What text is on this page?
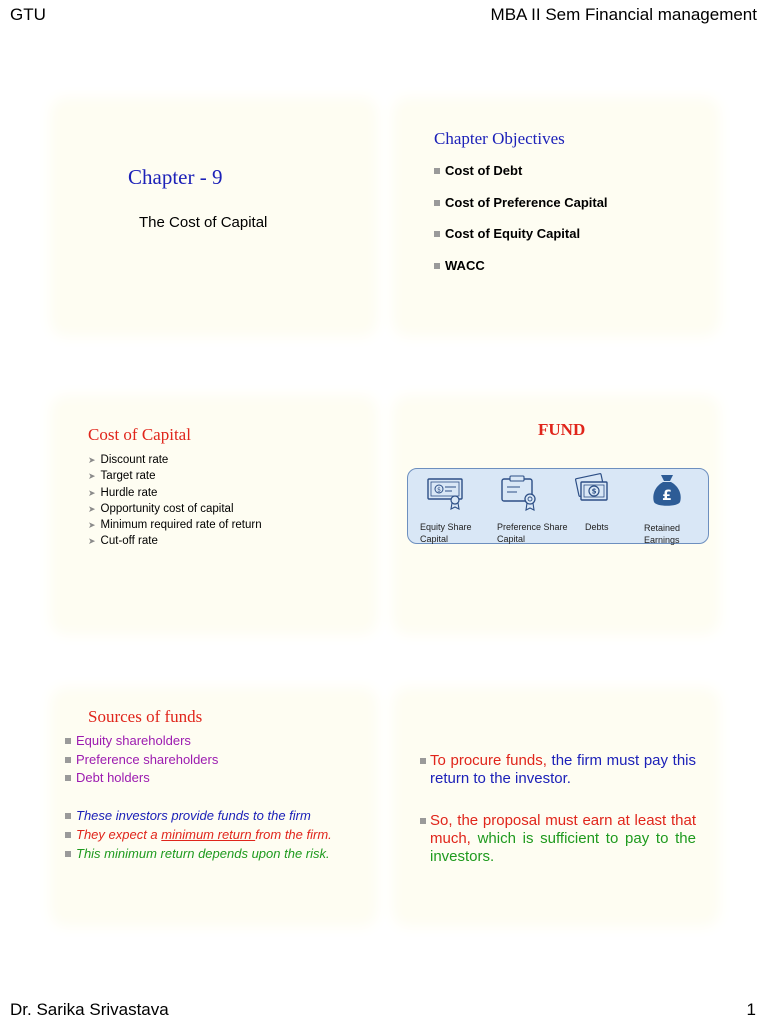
GTU	MBA II Sem Financial management
Chapter - 9
The Cost of Capital
Chapter Objectives
Cost of Debt
Cost of Preference Capital
Cost of Equity Capital
WACC
Cost of Capital
➤ Discount rate
➤ Target rate
➤ Hurdle rate
➤ Opportunity cost of capital
➤ Minimum required rate of return
➤ Cut-off rate
FUND
$	$	£
Equity Share
Capital
Preference Share
Capital
Debts	Retained
Earnings
Sources of funds
Equity shareholders
Preference shareholders
Debt holders
These investors provide funds to the firm
They expect a minimum return from the firm.
This minimum return depends upon the risk.
To procure funds, the firm must pay this return to the investor.
So, the proposal must earn at least that much, which is sufficient to pay to the investors.
Dr. Sarika Srivastava	1
